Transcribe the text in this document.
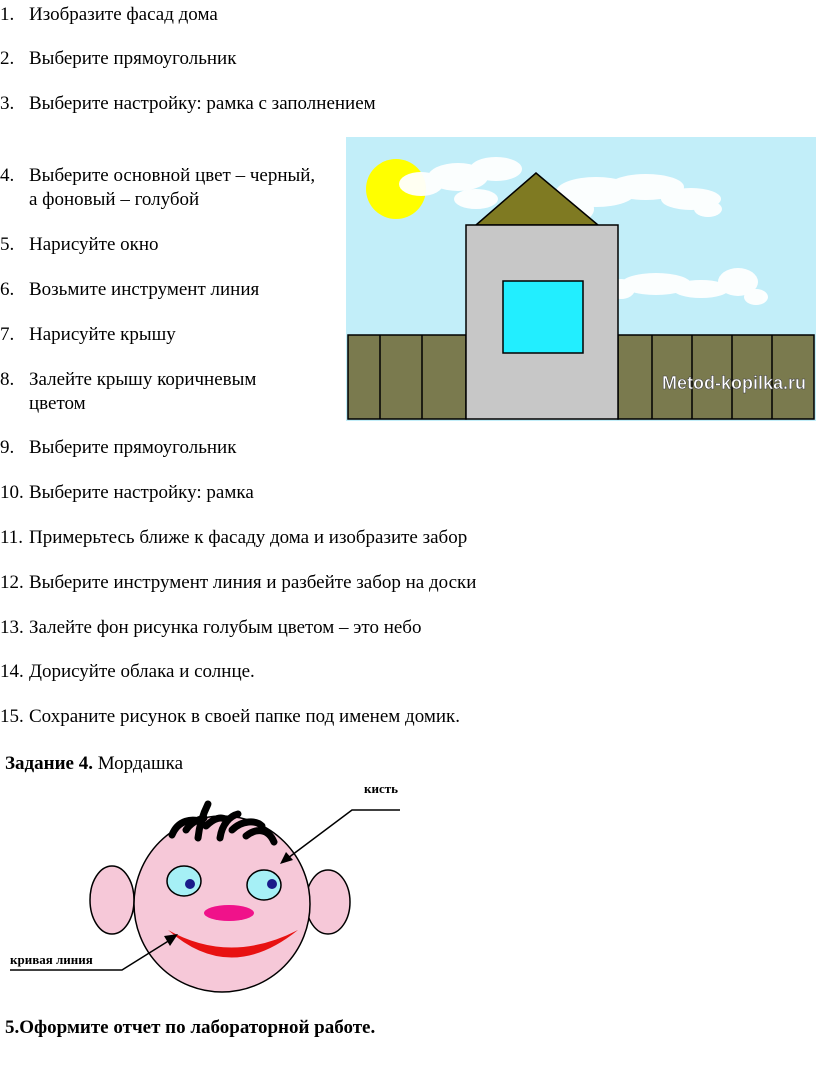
1. Изобразите фасад дома
2. Выберите прямоугольник
3. Выберите настройку: рамка с заполнением
4. Выберите основной цвет – черный,
а фоновый – голубой
5. Нарисуйте окно
6. Возьмите инструмент линия
7. Нарисуйте крышу
8. Залейте крышу коричневым
цветом
9. Выберите прямоугольник
10. Выберите настройку: рамка
11. Примерьтесь ближе к фасаду дома и изобразите забор
12. Выберите инструмент линия и разбейте забор на доски
13. Залейте фон рисунка голубым цветом – это небо
14. Дорисуйте облака и солнце.
15. Сохраните рисунок в своей папке под именем домик.
Metod-kopilka.ru
Задание 4. Мордашка
кисть
кривая линия
5.Оформите отчет по лабораторной работе.
